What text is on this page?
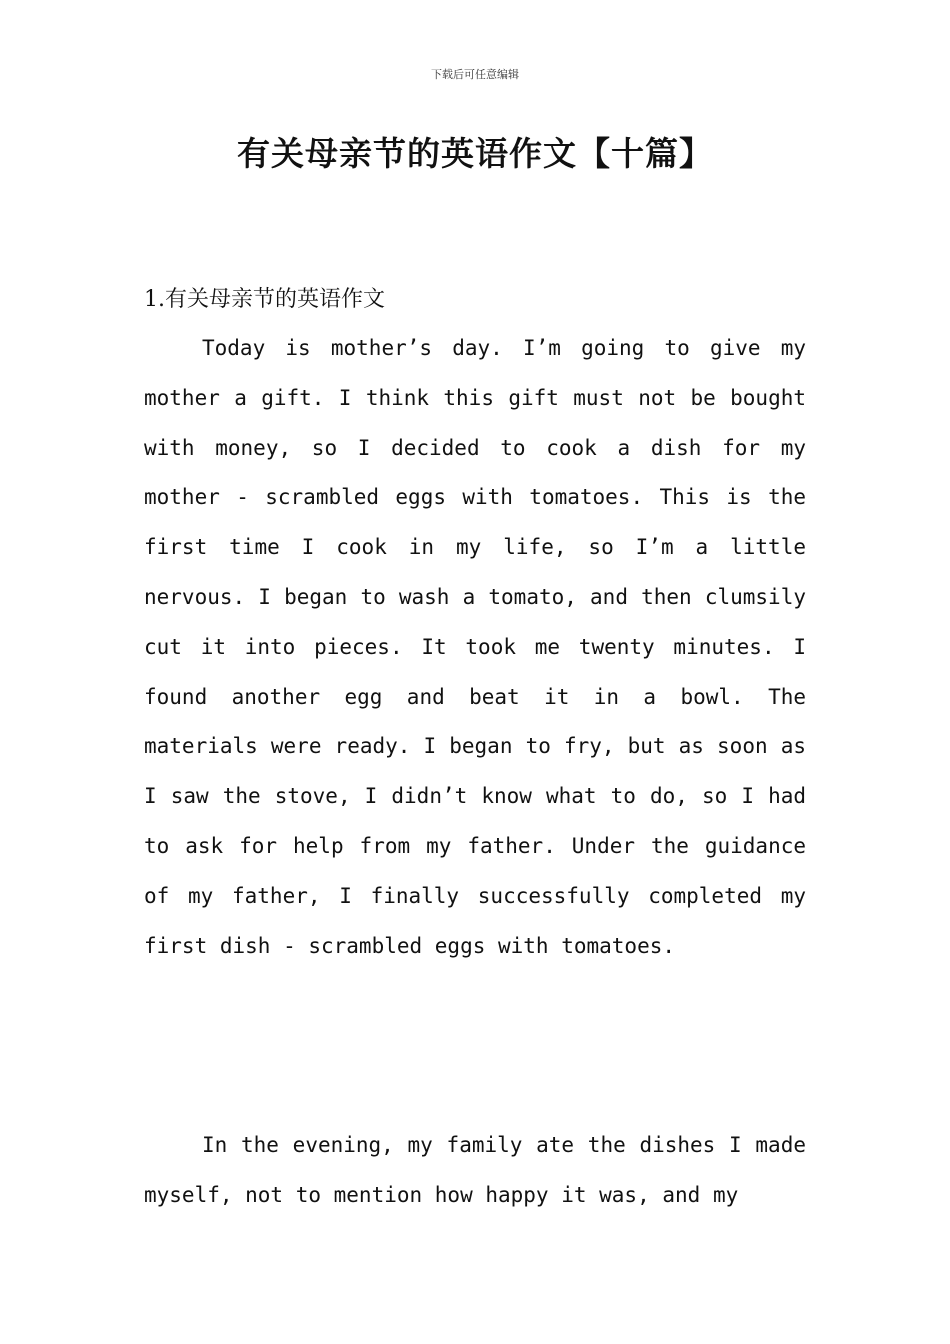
下载后可任意编辑
有关母亲节的英语作文【十篇】
1.有关母亲节的英语作文

Today is mother’s day. I’m going to give my mother a gift. I think this gift must not be bought with money, so I decided to cook a dish for my mother - scrambled eggs with tomatoes. This is the first time I cook in my life, so I’m a little nervous. I began to wash a tomato, and then clumsily cut it into pieces. It took me twenty minutes. I found another egg and beat it in a bowl. The materials were ready. I began to fry, but as soon as I saw the stove, I didn’t know what to do, so I had to ask for help from my father. Under the guidance of my father, I finally successfully completed my first dish - scrambled eggs with tomatoes.

In the evening, my family ate the dishes I made myself, not to mention how happy it was, and my
